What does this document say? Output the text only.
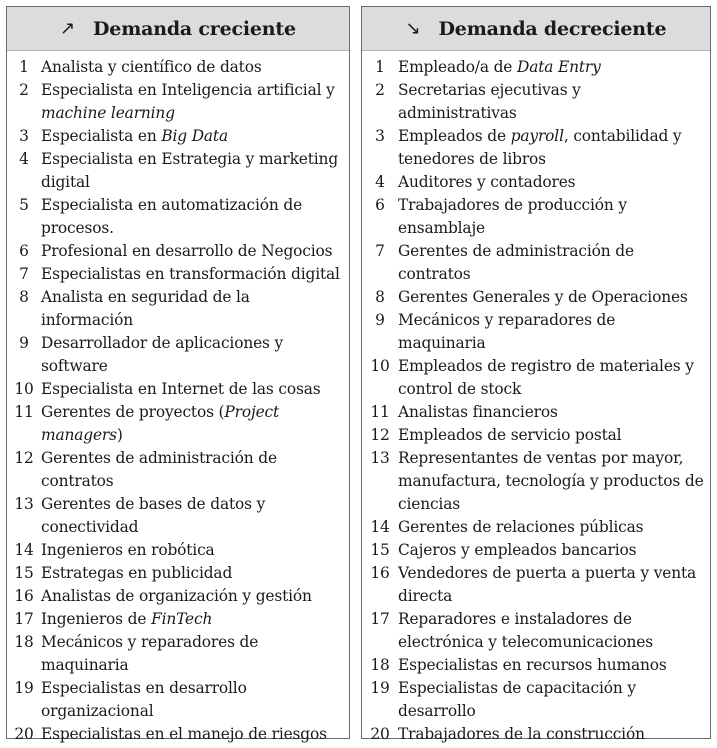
↗ Demanda creciente
1 Analista y científico de datos
2 Especialista en Inteligencia artificial y machine learning
3 Especialista en Big Data
4 Especialista en Estrategia y marketing digital
5 Especialista en automatización de procesos.
6 Profesional en desarrollo de Negocios
7 Especialistas en transformación digital
8 Analista en seguridad de la información
9 Desarrollador de aplicaciones y software
10 Especialista en Internet de las cosas
11 Gerentes de proyectos (Project managers)
12 Gerentes de administración de contratos
13 Gerentes de bases de datos y conectividad
14 Ingenieros en robótica
15 Estrategas en publicidad
16 Analistas de organización y gestión
17 Ingenieros de FinTech
18 Mecánicos y reparadores de maquinaria
19 Especialistas en desarrollo organizacional
20 Especialistas en el manejo de riesgos
↘ Demanda decreciente
1 Empleado/a de Data Entry
2 Secretarias ejecutivas y administrativas
3 Empleados de payroll, contabilidad y tenedores de libros
4 Auditores y contadores
6 Trabajadores de producción y ensamblaje
7 Gerentes de administración de contratos
8 Gerentes Generales y de Operaciones
9 Mecánicos y reparadores de maquinaria
10 Empleados de registro de materiales y control de stock
11 Analistas financieros
12 Empleados de servicio postal
13 Representantes de ventas por mayor, manufactura, tecnología y productos de ciencias
14 Gerentes de relaciones públicas
15 Cajeros y empleados bancarios
16 Vendedores de puerta a puerta y venta directa
17 Reparadores e instaladores de electrónica y telecomunicaciones
18 Especialistas en recursos humanos
19 Especialistas de capacitación y desarrollo
20 Trabajadores de la construcción
